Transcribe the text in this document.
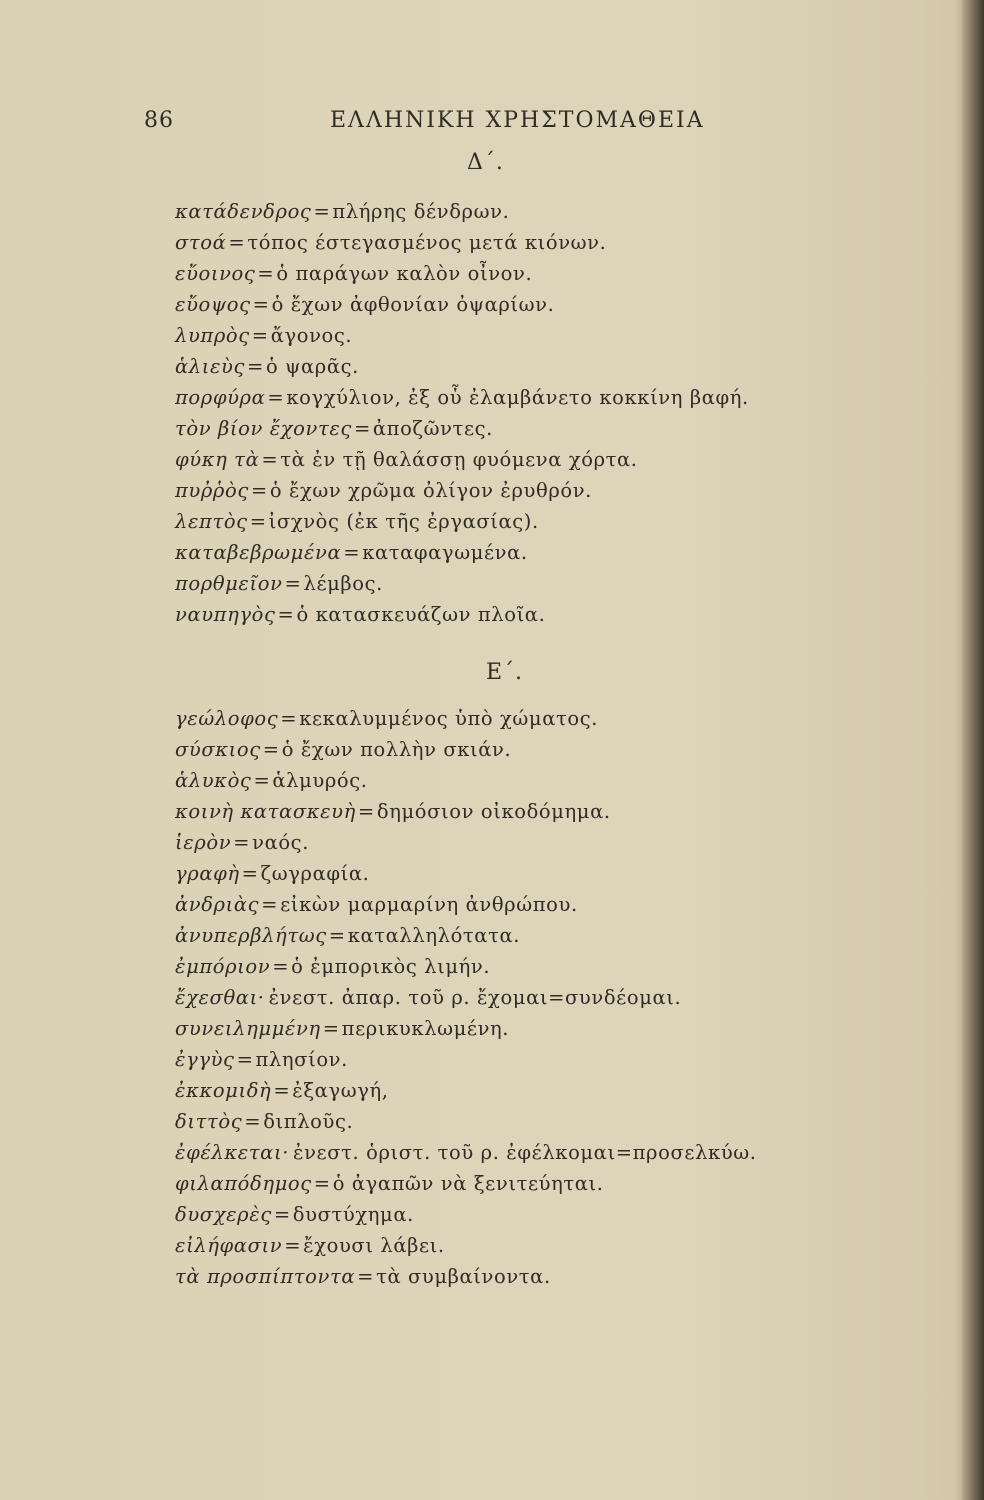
86	ΕΛΛΗΝΙΚΗ ΧΡΗΣΤΟΜΑΘΕΙΑ
Δ΄.
κατάδενδρος = πλήρης δένδρων.
στοά = τόπος έστεγασμένος μετά κιόνων.
εὔοινος = ὁ παράγων καλὸν οἶνον.
εὔοψος = ὁ ἔχων ἀφθονίαν ὀψαρίων.
λυπρὸς = ἄγονος.
ἁλιεὺς = ὁ ψαρᾶς.
πορφύρα = κογχύλιον, ἐξ οὗ ἐλαμβάνετο κοκκίνη βαφή.
τὸν βίον ἔχοντες = ἀποζῶντες.
φύκη τὰ = τὰ ἐν τῇ θαλάσσῃ φυόμενα χόρτα.
πυῤῥὸς = ὁ ἔχων χρῶμα ὀλίγον ἐρυθρόν.
λεπτὸς = ἰσχνὸς (ἐκ τῆς ἐργασίας).
καταβεβρωμένα = καταφαγωμένα.
πορθμεῖον = λέμβος.
ναυπηγὸς = ὁ κατασκευάζων πλοῖα.
Ε΄.
γεώλοφος = κεκαλυμμένος ὑπὸ χώματος.
σύσκιος = ὁ ἔχων πολλὴν σκιάν.
ἁλυκὸς = ἁλμυρός.
κοινὴ κατασκευὴ = δημόσιον οἰκοδόμημα.
ἱερὸν = ναός.
γραφὴ = ζωγραφία.
ἀνδριὰς = εἰκὼν μαρμαρίνη ἀνθρώπου.
ἀνυπερβλήτως = καταλληλότατα.
ἐμπόριον = ὁ ἐμπορικὸς λιμήν.
ἔχεσθαι· ἐνεστ. ἀπαρ. τοῦ ρ. ἔχομαι=συνδέομαι.
συνειλημμένη = περικυκλωμένη.
ἐγγὺς = πλησίον.
ἐκκομιδὴ = ἐξαγωγή,
διττὸς = διπλοῦς.
ἐφέλκεται· ἐνεστ. ὁριστ. τοῦ ρ. ἐφέλκομαι=προσελκύω.
φιλαπόδημος = ὁ ἀγαπῶν νὰ ξενιτεύηται.
δυσχερὲς = δυστύχημα.
εἰλήφασιν = ἔχουσι λάβει.
τὰ προσπίπτοντα = τὰ συμβαίνοντα.
